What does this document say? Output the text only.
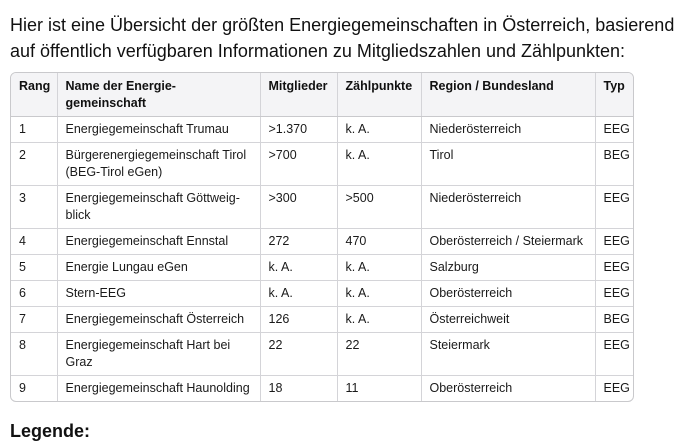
Hier ist eine Übersicht der größten Energiegemeinschaften in Österreich, basierend auf öffentlich verfügbaren Informationen zu Mitgliedszahlen und Zählpunkten:

Rang	Name der Energie-gemeinschaft	Mitglieder	Zählpunkte	Region / Bundesland	Typ
1	Energiegemeinschaft Trumau	>1.370	k. A.	Niederösterreich	EEG
2	Bürgerenergiegemeinschaft Tirol (BEG-Tirol eGen)	>700	k. A.	Tirol	BEG
3	Energiegemeinschaft Göttweig-blick	>300	>500	Niederösterreich	EEG
4	Energiegemeinschaft Ennstal	272	470	Oberösterreich / Steiermark	EEG
5	Energie Lungau eGen	k. A.	k. A.	Salzburg	EEG
6	Stern-EEG	k. A.	k. A.	Oberösterreich	EEG
7	Energiegemeinschaft Österreich	126	k. A.	Österreichweit	BEG
8	Energiegemeinschaft Hart bei Graz	22	22	Steiermark	EEG
9	Energiegemeinschaft Haunolding	18	11	Oberösterreich	EEG
Legende:
